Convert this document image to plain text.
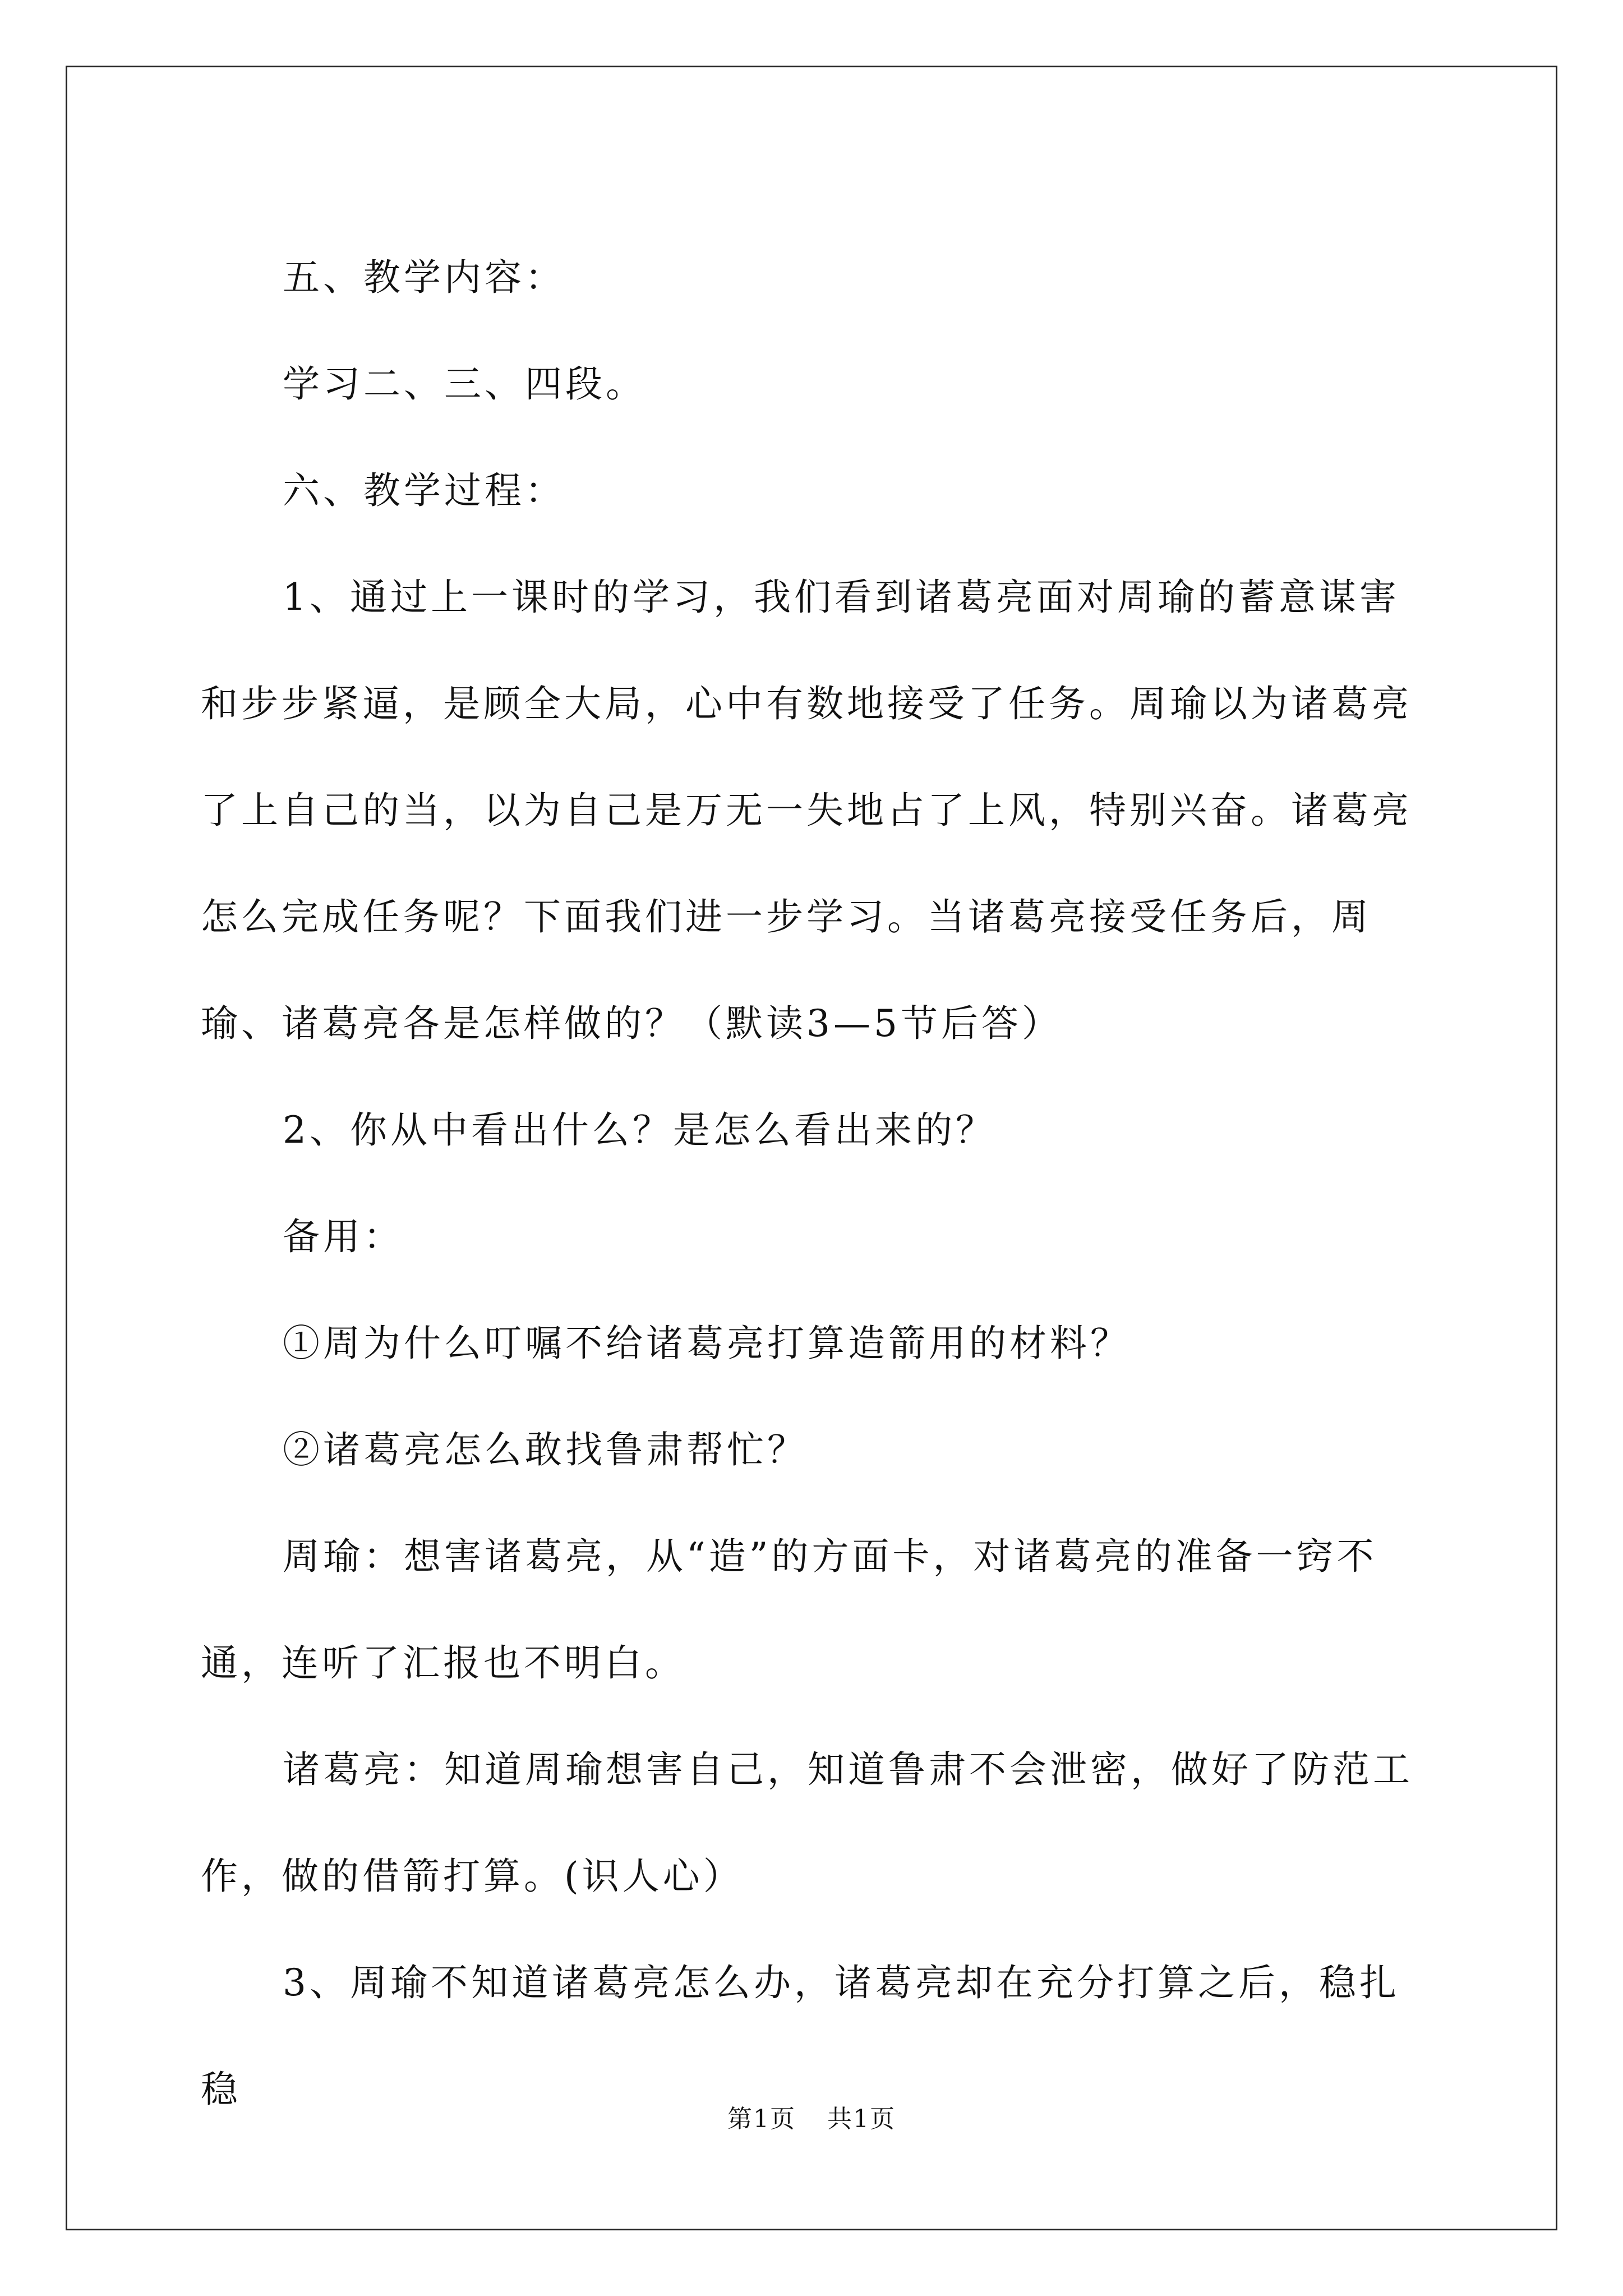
五、教学内容：

学习二、三、四段。

六、教学过程：

1、通过上一课时的学习，我们看到诸葛亮面对周瑜的蓄意谋害和步步紧逼，是顾全大局，心中有数地接受了任务。周瑜以为诸葛亮了上自己的当，以为自己是万无一失地占了上风，特别兴奋。诸葛亮怎么完成任务呢？下面我们进一步学习。当诸葛亮接受任务后，周瑜、诸葛亮各是怎样做的？（默读3—5节后答）

2、你从中看出什么？是怎么看出来的？

备用：

①周为什么叮嘱不给诸葛亮打算造箭用的材料？

②诸葛亮怎么敢找鲁肃帮忙？

周瑜：想害诸葛亮，从“造”的方面卡，对诸葛亮的准备一窍不通，连听了汇报也不明白。

诸葛亮：知道周瑜想害自己，知道鲁肃不会泄密，做好了防范工作，做的借箭打算。(识人心）

3、周瑜不知道诸葛亮怎么办，诸葛亮却在充分打算之后，稳扎稳

第1页 共1页
